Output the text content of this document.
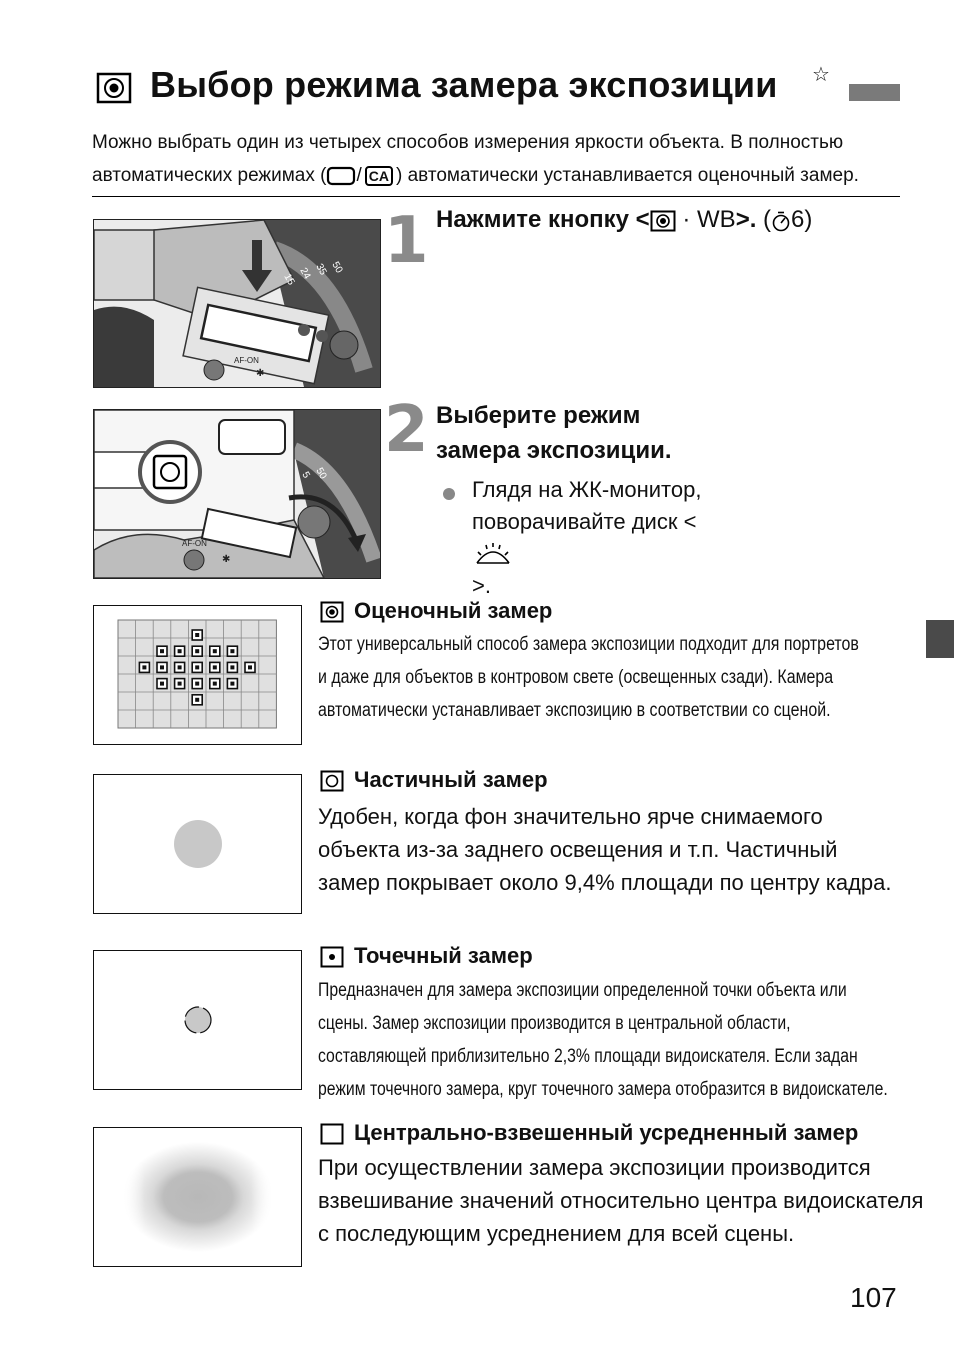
Выбор режима замера экспозиции ☆
Можно выбрать один из четырех способов измерения яркости объекта. В полностью
автоматических режимах ( / CA ) автоматически устанавливается оценочный замер.
AF-ON
✱
15 24 35 50 1 Нажмите кнопку < · WB>. ( 6)
AF-ON
✱
5 50
2 Выберите режим
замера экспозиции.
Глядя на ЖК-монитор,
поворачивайте диск <
>.
Оценочный замер
Этот универсальный способ замера экспозиции подходит для портретов
и даже для объектов в контровом свете (освещенных сзади). Камера
автоматически устанавливает экспозицию в соответствии со сценой.
Частичный замер
Удобен, когда фон значительно ярче снимаемого
объекта из-за заднего освещения и т.п. Частичный
замер покрывает около 9,4% площади по центру кадра.
Точечный замер
Предназначен для замера экспозиции определенной точки объекта или
сцены. Замер экспозиции производится в центральной области,
составляющей приблизительно 2,3% площади видоискателя. Если задан
режим точечного замера, круг точечного замера отобразится в видоискателе.
Центрально-взвешенный усредненный замер
При осуществлении замера экспозиции производится
взвешивание значений относительно центра видоискателя
с последующим усреднением для всей сцены.
107
